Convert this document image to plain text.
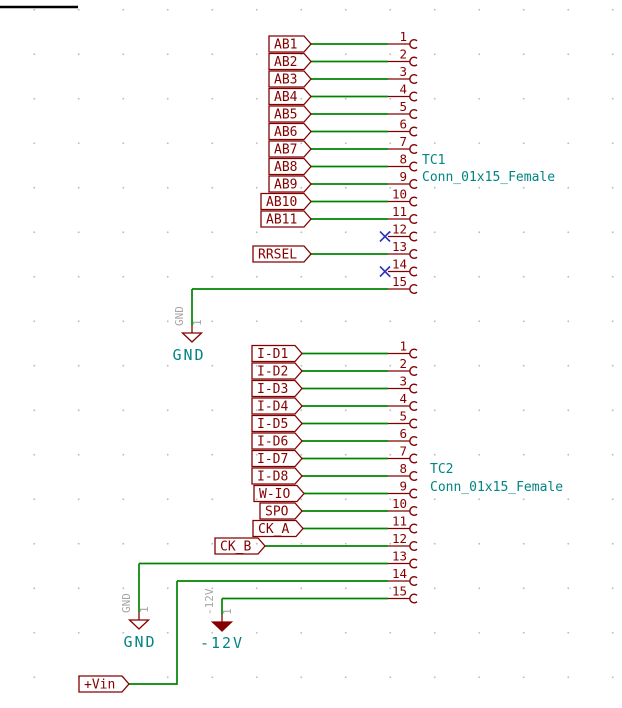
1
AB1
2
AB2
3
AB3
4
AB4
5
AB5
6
AB6
7
AB7
8
AB8
9
AB9
10
AB10
11
AB11
12
13
RRSEL
14
15
1
I-D1
2
I-D2
3
I-D3
4
I-D4
5
I-D5
6
I-D6
7
I-D7
8
I-D8
9
W-IO
10
SPO
11
CK_A
12
CK_B
13
14
15
GND 1
GND 1	-12V 1
+Vin
TC1
Conn_01x15_Female
TC2
Conn_01x15_Female
GND
GND	-12V
